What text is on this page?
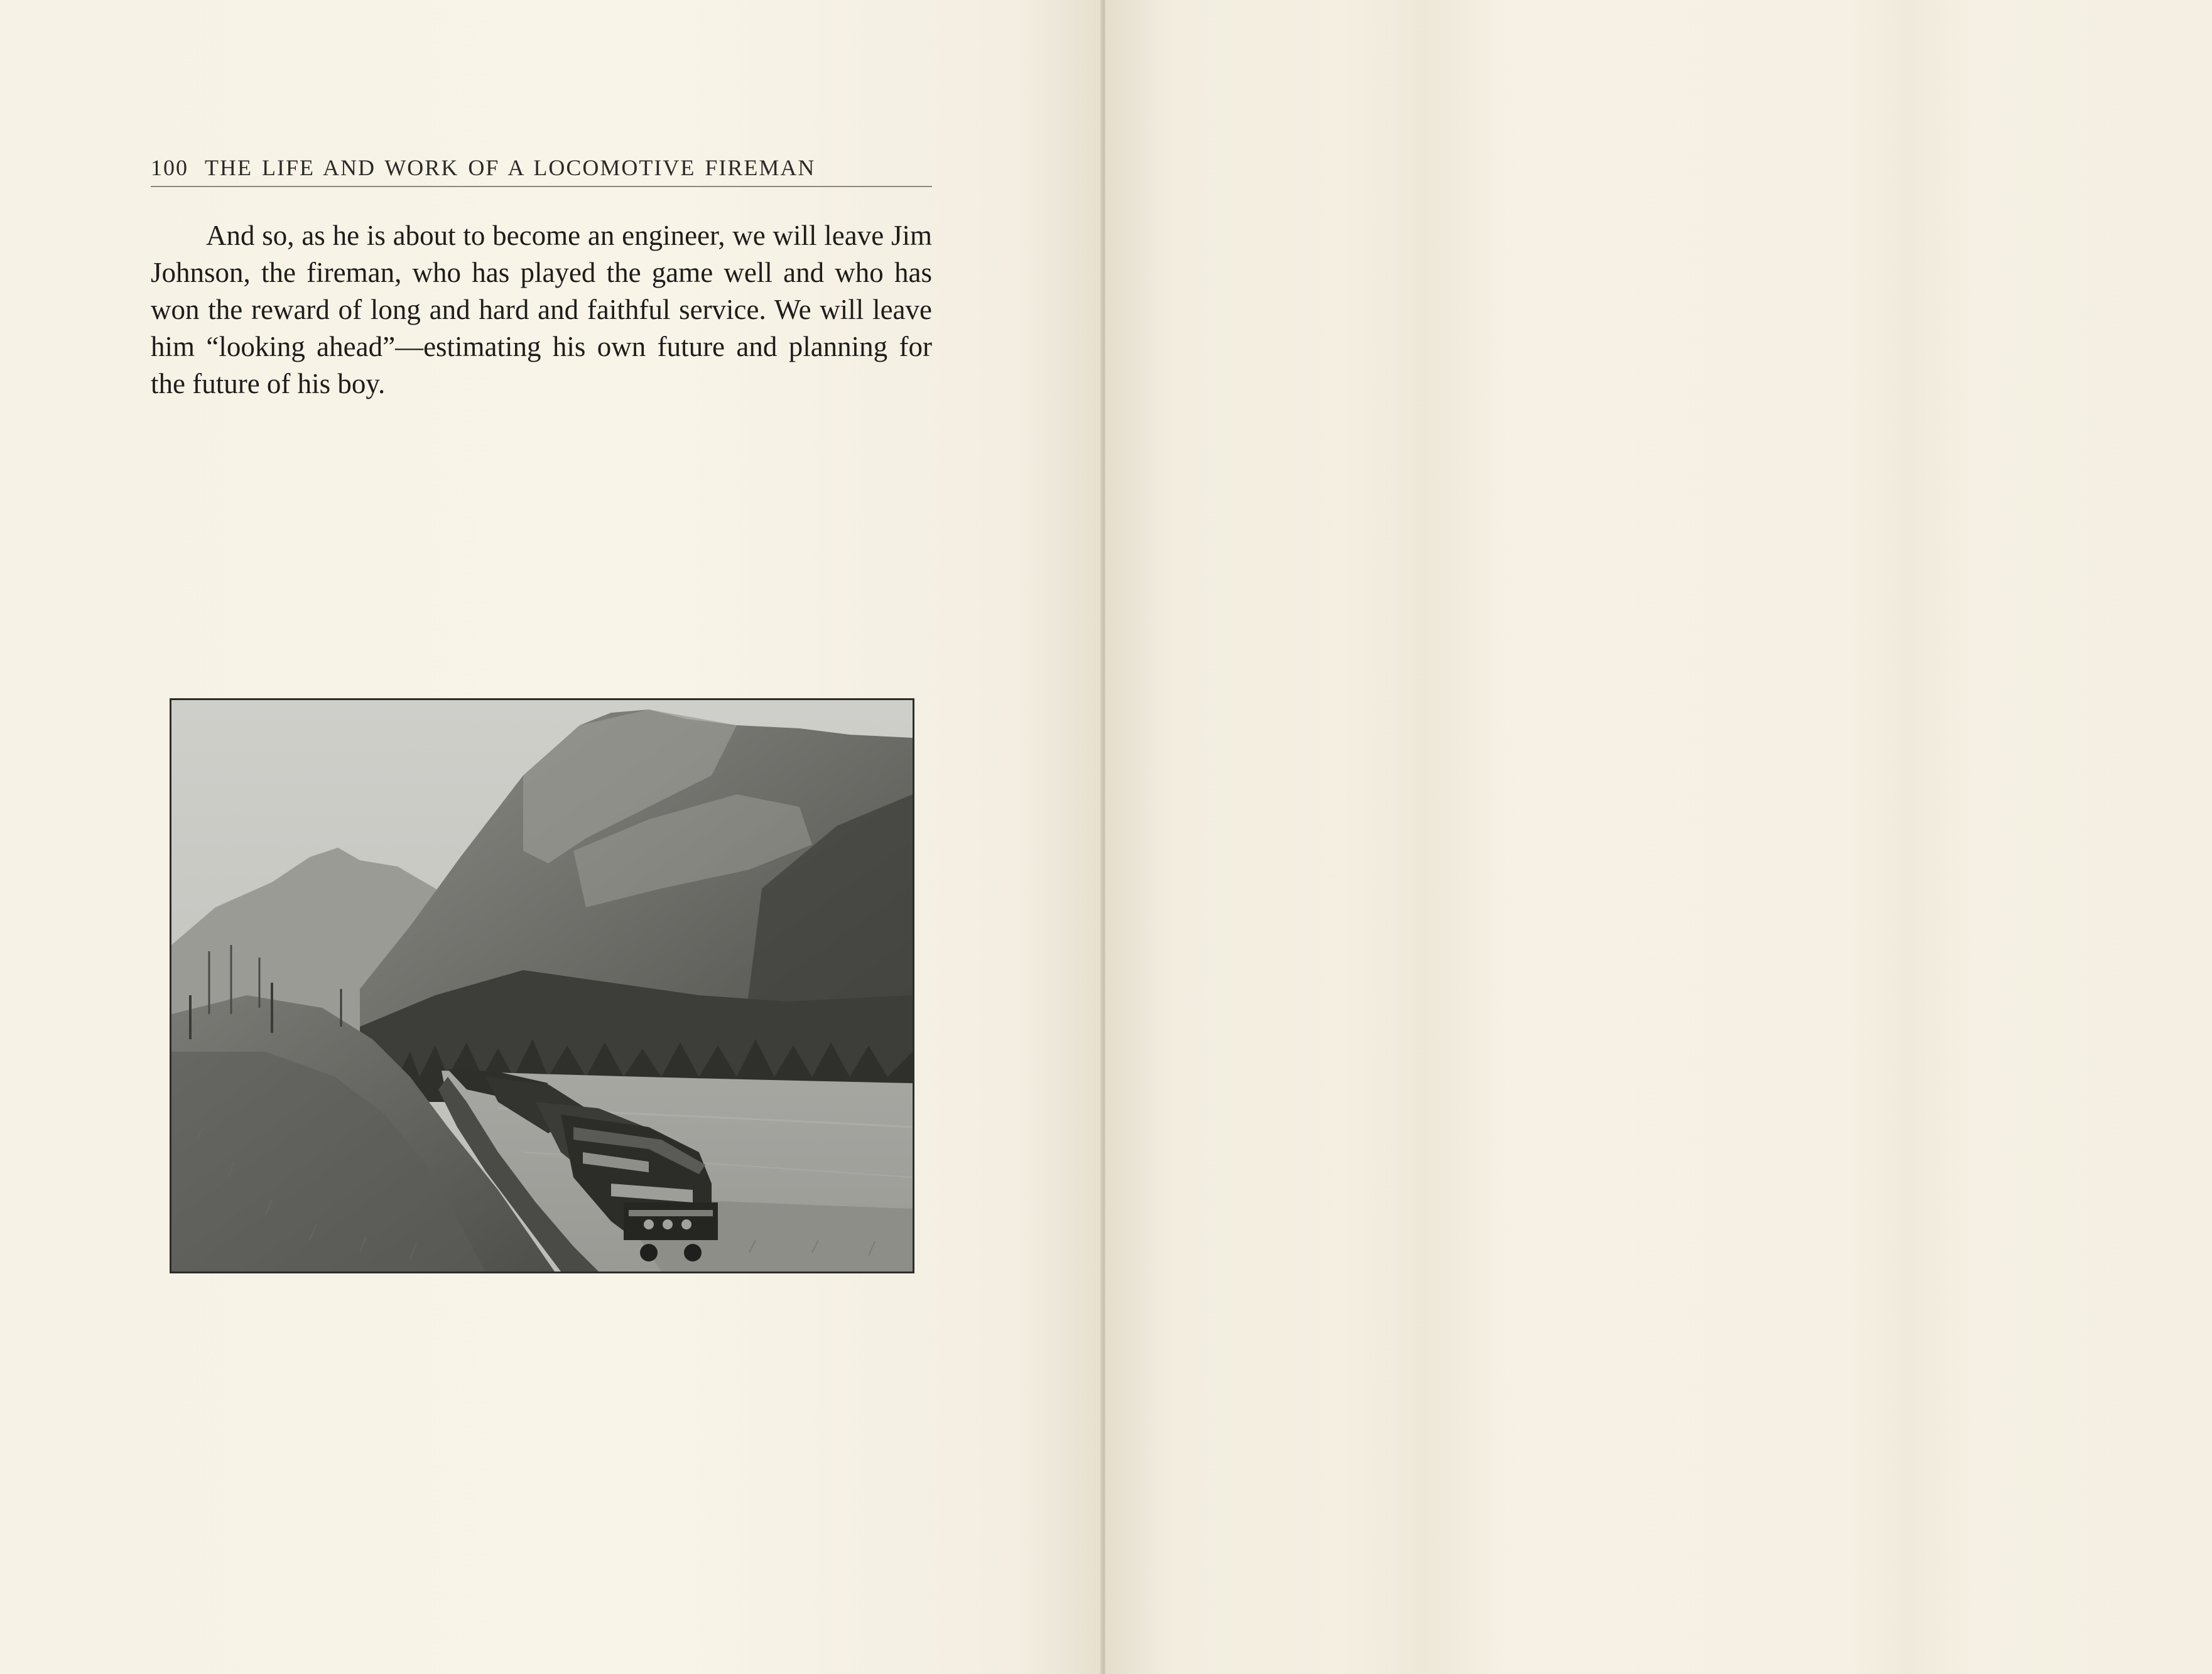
100 THE LIFE AND WORK OF A LOCOMOTIVE FIREMAN

And so, as he is about to become an engineer, we will leave Jim Johnson, the fireman, who has played the game well and who has won the reward of long and hard and faithful service. We will leave him “looking ahead”—estimating his own future and planning for the future of his boy.
